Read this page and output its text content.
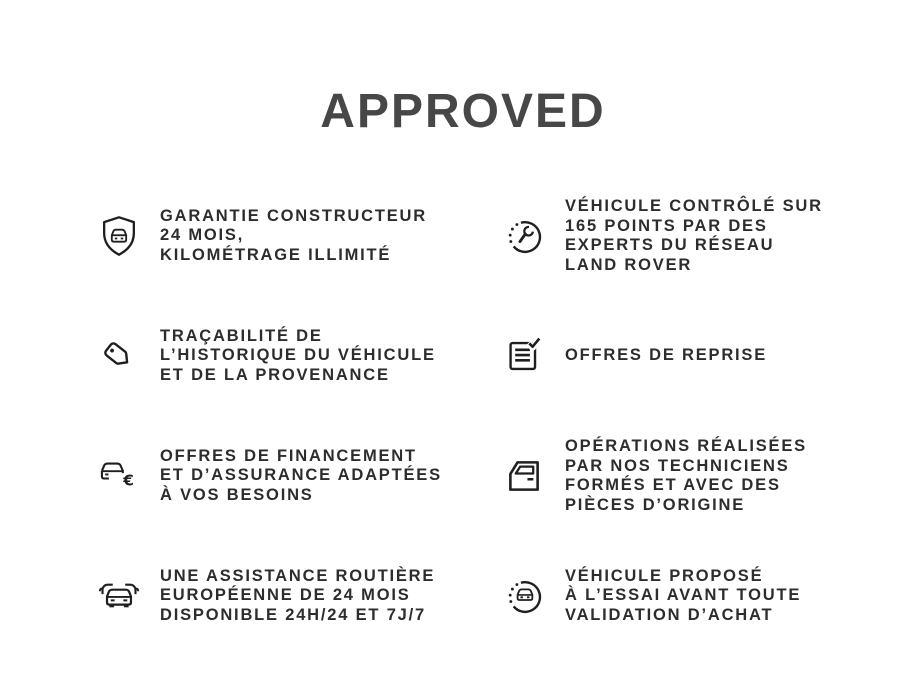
APPROVED
GARANTIE CONSTRUCTEUR
24 MOIS,
KILOMÉTRAGE ILLIMITÉ
VÉHICULE CONTRÔLÉ SUR
165 POINTS PAR DES
EXPERTS DU RÉSEAU
LAND ROVER
TRAÇABILITÉ DE
L’HISTORIQUE DU VÉHICULE
ET DE LA PROVENANCE
OFFRES DE REPRISE
€
OFFRES DE FINANCEMENT
ET D’ASSURANCE ADAPTÉES
À VOS BESOINS
OPÉRATIONS RÉALISÉES
PAR NOS TECHNICIENS
FORMÉS ET AVEC DES
PIÈCES D’ORIGINE
UNE ASSISTANCE ROUTIÈRE
EUROPÉENNE DE 24 MOIS
DISPONIBLE 24H/24 ET 7J/7
VÉHICULE PROPOSÉ
À L’ESSAI AVANT TOUTE
VALIDATION D’ACHAT
